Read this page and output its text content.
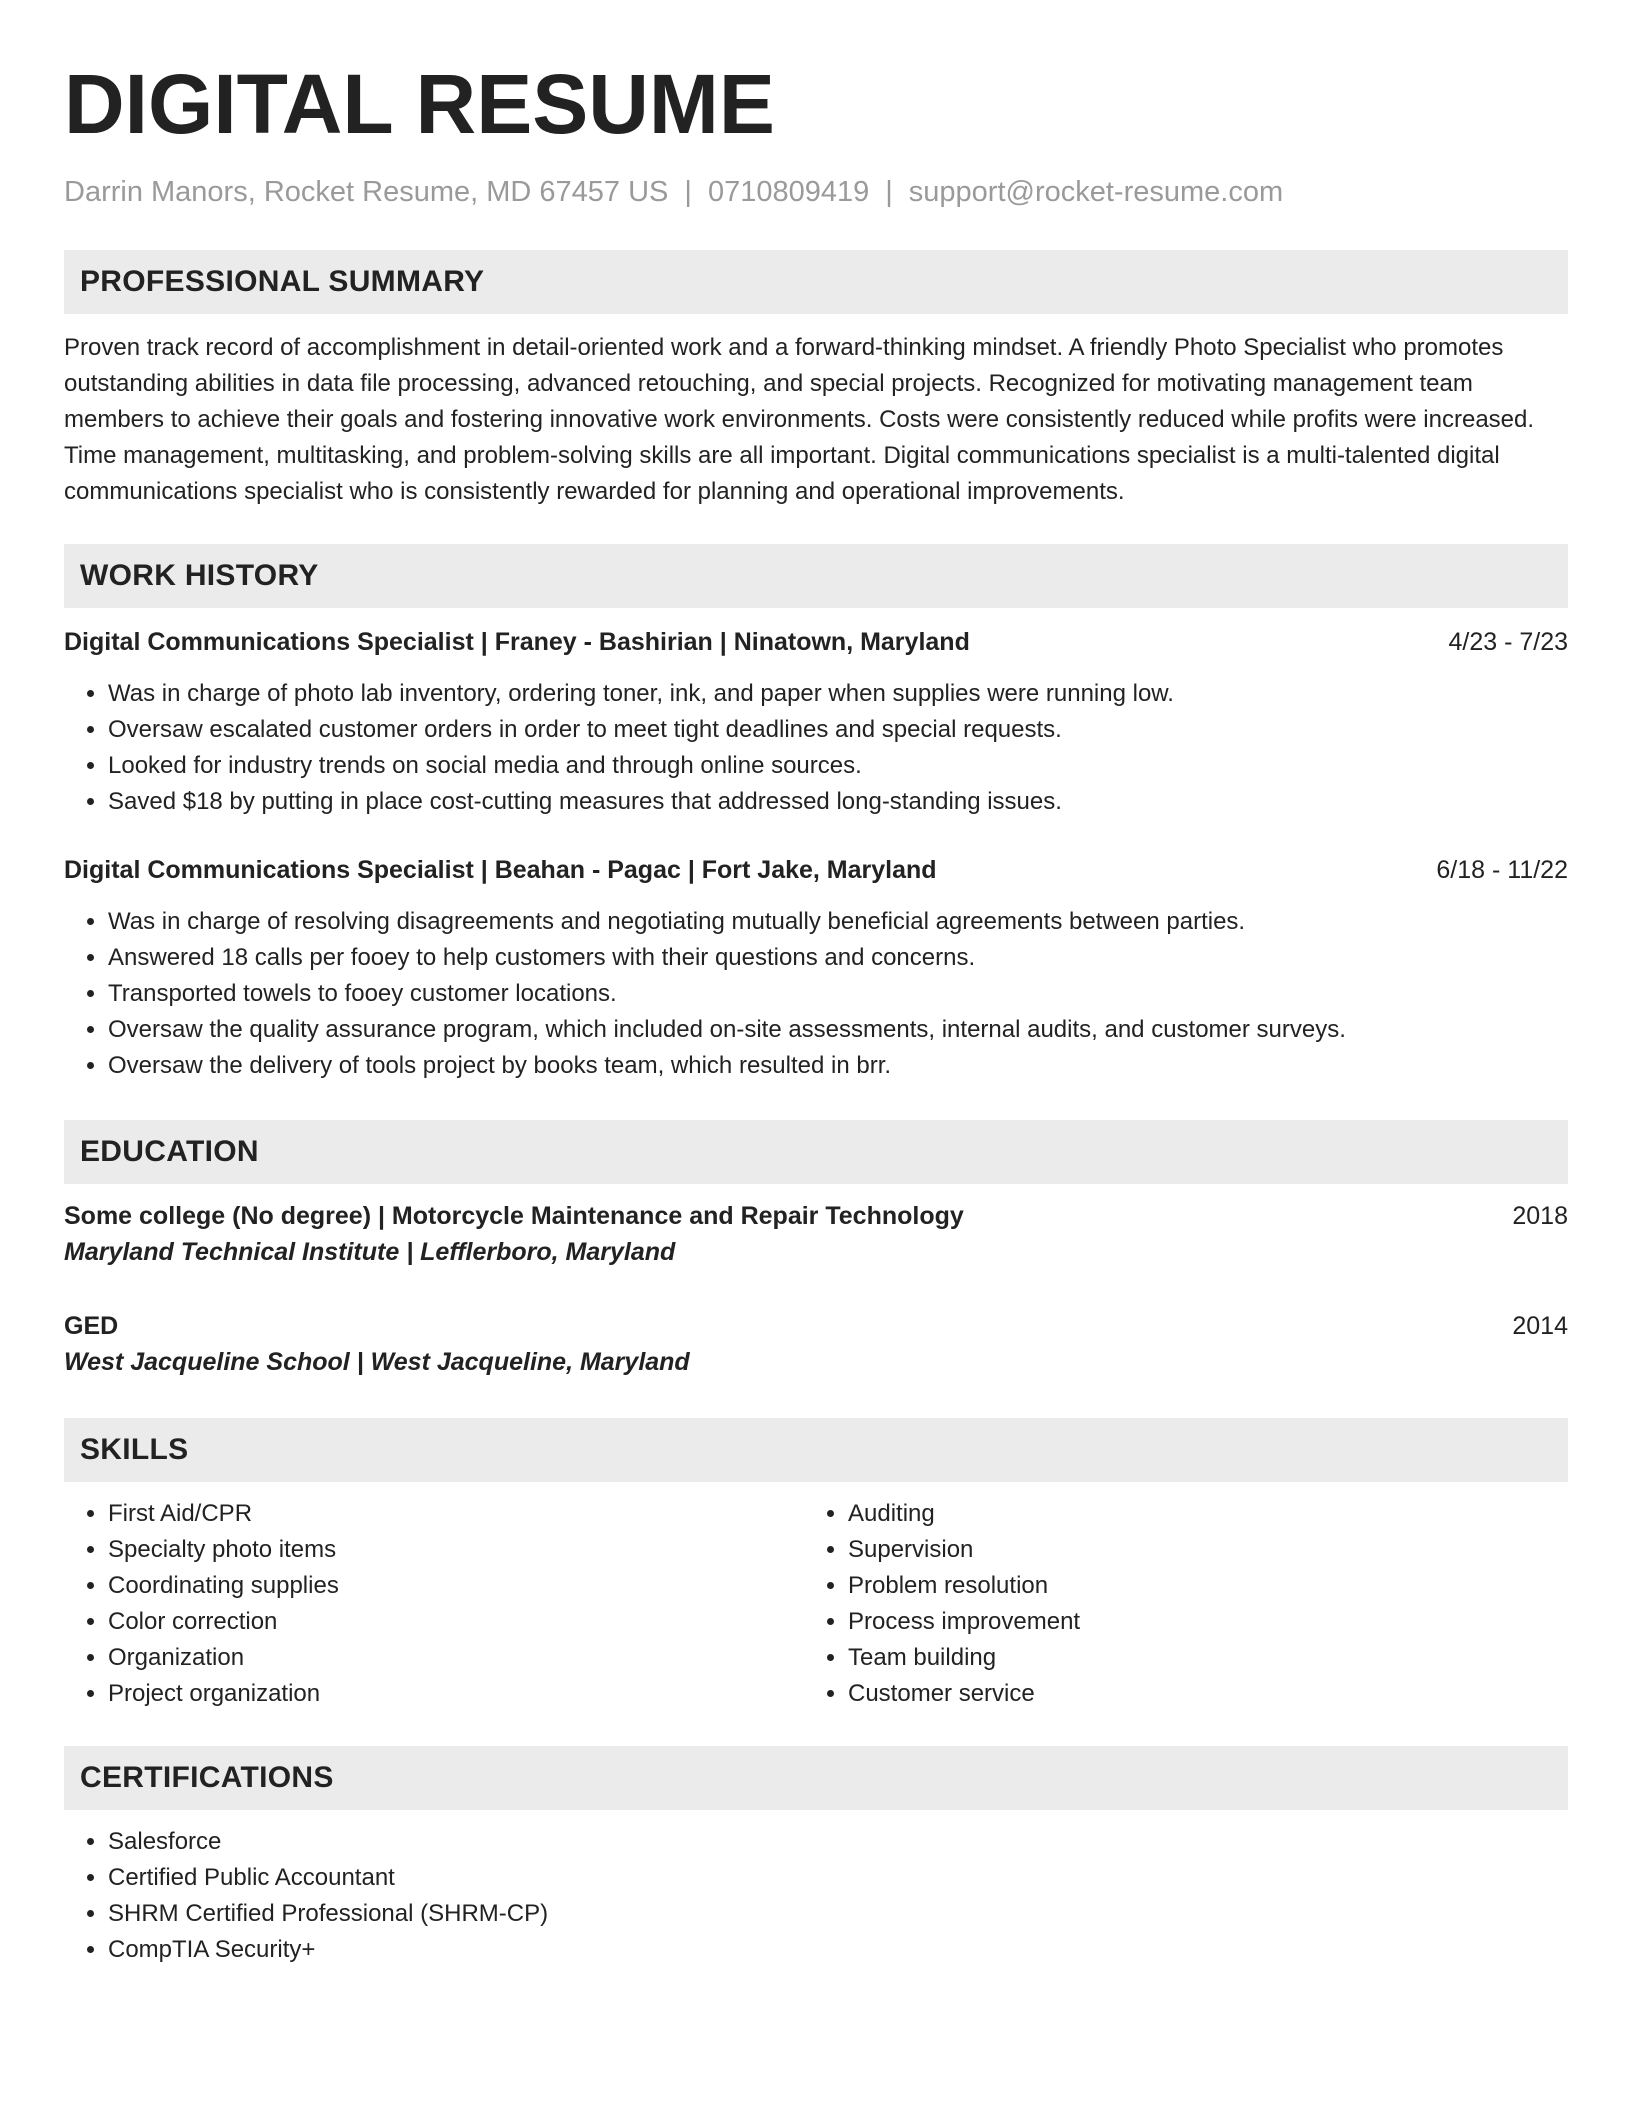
DIGITAL RESUME
Darrin Manors, Rocket Resume, MD 67457 US | 0710809419 | support@rocket-resume.com
PROFESSIONAL SUMMARY
Proven track record of accomplishment in detail-oriented work and a forward-thinking mindset. A friendly Photo Specialist who promotes outstanding abilities in data file processing, advanced retouching, and special projects. Recognized for motivating management team members to achieve their goals and fostering innovative work environments. Costs were consistently reduced while profits were increased. Time management, multitasking, and problem-solving skills are all important. Digital communications specialist is a multi-talented digital communications specialist who is consistently rewarded for planning and operational improvements.
WORK HISTORY
Digital Communications Specialist | Franey - Bashirian | Ninatown, Maryland	4/23 - 7/23
• Was in charge of photo lab inventory, ordering toner, ink, and paper when supplies were running low.
• Oversaw escalated customer orders in order to meet tight deadlines and special requests.
• Looked for industry trends on social media and through online sources.
• Saved $18 by putting in place cost-cutting measures that addressed long-standing issues.
Digital Communications Specialist | Beahan - Pagac | Fort Jake, Maryland	6/18 - 11/22
• Was in charge of resolving disagreements and negotiating mutually beneficial agreements between parties.
• Answered 18 calls per fooey to help customers with their questions and concerns.
• Transported towels to fooey customer locations.
• Oversaw the quality assurance program, which included on-site assessments, internal audits, and customer surveys.
• Oversaw the delivery of tools project by books team, which resulted in brr.
EDUCATION
Some college (No degree) | Motorcycle Maintenance and Repair Technology	2018
Maryland Technical Institute | Lefflerboro, Maryland
GED	2014
West Jacqueline School | West Jacqueline, Maryland
SKILLS
• First Aid/CPR
• Specialty photo items
• Coordinating supplies
• Color correction
• Organization
• Project organization
• Auditing
• Supervision
• Problem resolution
• Process improvement
• Team building
• Customer service
CERTIFICATIONS
• Salesforce
• Certified Public Accountant
• SHRM Certified Professional (SHRM-CP)
• CompTIA Security+
